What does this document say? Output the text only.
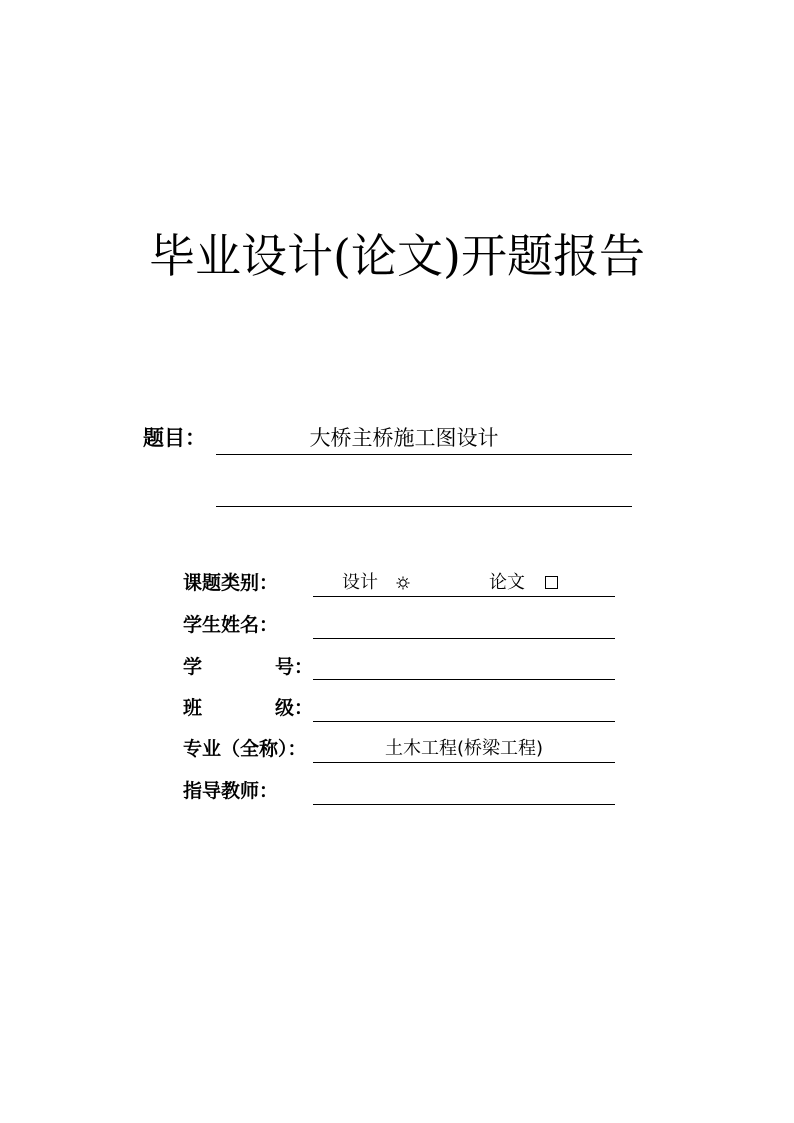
毕业设计(论文)开题报告
题目：	大桥主桥施工图设计
课题类别：	设计	论文
学生姓名：
学	号：
班	级：
专业（全称）：	土木工程(桥梁工程)
指导教师：
